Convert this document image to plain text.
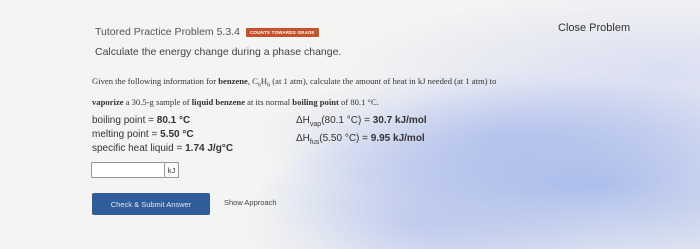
Tutored Practice Problem 5.3.4	COUNTS TOWARDS GRADE
Calculate the energy change during a phase change.
Close Problem
Given the following information for benzene, $C_6H_6$ (at 1 atm), calculate the amount of heat in kJ needed (at 1 atm) to
vaporize a 30.5-g sample of liquid benzene at its normal boiling point of 80.1 °C.
boiling point = 80.1 °C
melting point = 5.50 °C
specific heat liquid = 1.74 J/g°C
$\Delta H_{vap}(80.1$ °C) = 30.7 kJ/mol
$\Delta H_{fus}(5.50$ °C) = 9.95 kJ/mol
kJ
Check & Submit Answer	Show Approach
